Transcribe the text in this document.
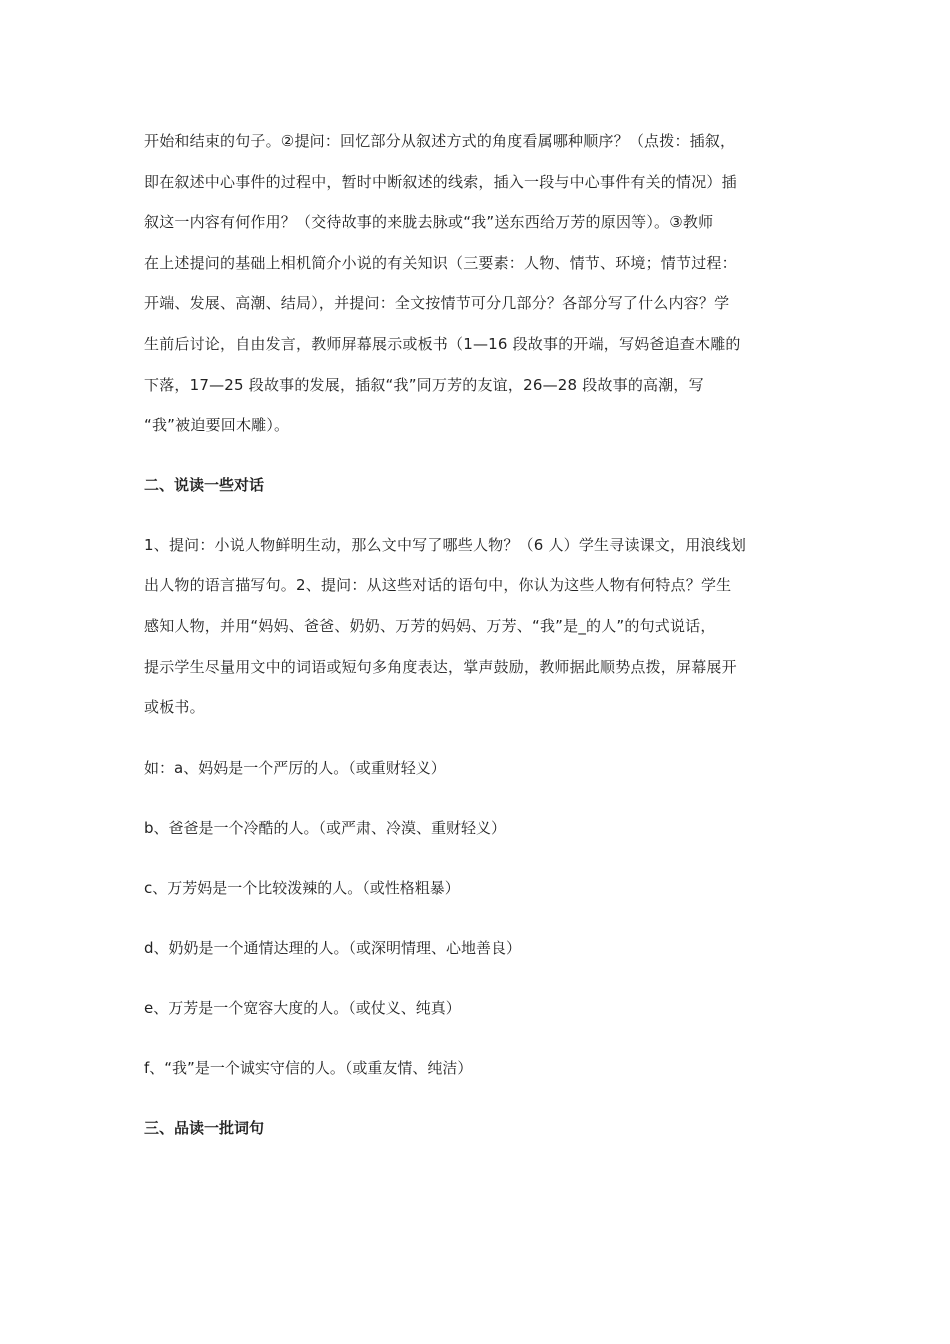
开始和结束的句子。②提问：回忆部分从叙述方式的角度看属哪种顺序？（点拨：插叙，
即在叙述中心事件的过程中，暂时中断叙述的线索，插入一段与中心事件有关的情况）插
叙这一内容有何作用？（交待故事的来胧去脉或“我”送东西给万芳的原因等）。③教师
在上述提问的基础上相机简介小说的有关知识（三要素：人物、情节、环境；情节过程：
开端、发展、高潮、结局），并提问：全文按情节可分几部分？各部分写了什么内容？学
生前后讨论，自由发言，教师屏幕展示或板书（1—16 段故事的开端，写妈爸追查木雕的
下落，17—25 段故事的发展，插叙“我”同万芳的友谊，26—28 段故事的高潮，写
“我”被迫要回木雕）。

二、说读一些对话

1、提问：小说人物鲜明生动，那么文中写了哪些人物？（6 人）学生寻读课文，用浪线划
出人物的语言描写句。2、提问：从这些对话的语句中，你认为这些人物有何特点？学生
感知人物，并用“妈妈、爸爸、奶奶、万芳的妈妈、万芳、“我”是_的人”的句式说话，
提示学生尽量用文中的词语或短句多角度表达，掌声鼓励，教师据此顺势点拨，屏幕展开
或板书。

如：a、妈妈是一个严厉的人。（或重财轻义）

b、爸爸是一个冷酷的人。（或严肃、冷漠、重财轻义）

c、万芳妈是一个比较泼辣的人。（或性格粗暴）

d、奶奶是一个通情达理的人。（或深明情理、心地善良）

e、万芳是一个宽容大度的人。（或仗义、纯真）

f、“我”是一个诚实守信的人。（或重友情、纯洁）

三、品读一批词句
